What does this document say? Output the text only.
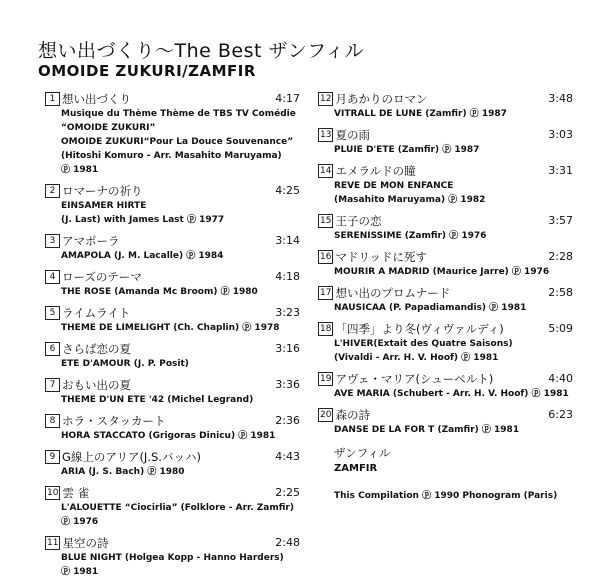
想い出づくり〜The Best ザンフィル
OMOIDE ZUKURI/ZAMFIR
1 想い出づくり	4:17
Musique du Thème Thème de TBS TV Comédie
“OMOIDE ZUKURI”
OMOIDE ZUKURI“Pour La Douce Souvenance”
(Hitoshi Komuro - Arr. Masahito Maruyama)
ⓟ 1981
2 ロマーナの祈り	4:25
EINSAMER HIRTE
(J. Last) with James Last ⓟ 1977
3 アマポーラ	3:14
AMAPOLA (J. M. Lacalle) ⓟ 1984
4 ローズのテーマ	4:18
THE ROSE (Amanda Mc Broom) ⓟ 1980
5 ライムライト	3:23
THEME DE LIMELIGHT (Ch. Chaplin) ⓟ 1978
6 さらば恋の夏	3:16
ETE D'AMOUR (J. P. Posit)
7 おもい出の夏	3:36
THEME D'UN ETE '42 (Michel Legrand)
8 ホラ・スタッカート	2:36
HORA STACCATO (Grigoras Dinicu) ⓟ 1981
9 G線上のアリア(J.S.バッハ)	4:43
ARIA (J. S. Bach) ⓟ 1980
10 雲 雀	2:25
L'ALOUETTE “Ciocirlia” (Folklore - Arr. Zamfir)
ⓟ 1976
11 星空の詩	2:48
BLUE NIGHT (Holgea Kopp - Hanno Harders)
ⓟ 1981
12 月あかりのロマン	3:48
VITRALL DE LUNE (Zamfir) ⓟ 1987
13 夏の雨	3:03
PLUIE D'ETE (Zamfir) ⓟ 1987
14 エメラルドの瞳	3:31
REVE DE MON ENFANCE
(Masahito Maruyama) ⓟ 1982
15 王子の恋	3:57
SERENISSIME (Zamfir) ⓟ 1976
16 マドリッドに死す	2:28
MOURIR A MADRID (Maurice Jarre) ⓟ 1976
17 想い出のプロムナード	2:58
NAUSICAA (P. Papadiamandis) ⓟ 1981
18 「四季」より冬(ヴィヴァルディ)	5:09
L'HIVER(Extait des Quatre Saisons)
(Vivaldi - Arr. H. V. Hoof) ⓟ 1981
19 アヴェ・マリア(シューベルト)	4:40
AVE MARIA (Schubert - Arr. H. V. Hoof) ⓟ 1981
20 森の詩	6:23
DANSE DE LA FOR T (Zamfir) ⓟ 1981
ザンフィル
ZAMFIR
This Compilation ⓟ 1990 Phonogram (Paris)
